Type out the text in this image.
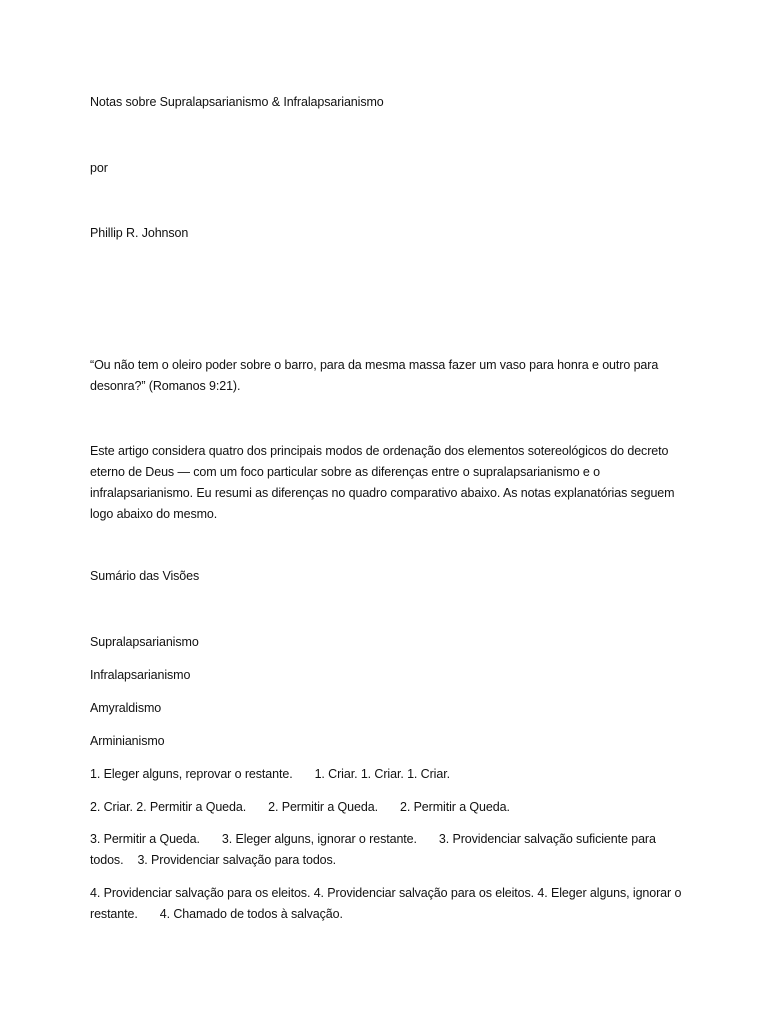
Notas sobre Supralapsarianismo & Infralapsarianismo
por
Phillip R. Johnson
“Ou não tem o oleiro poder sobre o barro, para da mesma massa fazer um vaso para honra e outro para desonra?” (Romanos 9:21).
Este artigo considera quatro dos principais modos de ordenação dos elementos sotereológicos do decreto eterno de Deus — com um foco particular sobre as diferenças entre o supralapsarianismo e o infralapsarianismo. Eu resumi as diferenças no quadro comparativo abaixo. As notas explanatórias seguem logo abaixo do mesmo.
Sumário das Visões
Supralapsarianismo
Infralapsarianismo
Amyraldismo
Arminianismo
1. Eleger alguns, reprovar o restante. 1. Criar. 1. Criar. 1. Criar.
2. Criar. 2. Permitir a Queda. 2. Permitir a Queda. 2. Permitir a Queda.
3. Permitir a Queda. 3. Eleger alguns, ignorar o restante. 3. Providenciar salvação suficiente para todos. 3. Providenciar salvação para todos.
4. Providenciar salvação para os eleitos. 4. Providenciar salvação para os eleitos. 4. Eleger alguns, ignorar o restante. 4. Chamado de todos à salvação.
